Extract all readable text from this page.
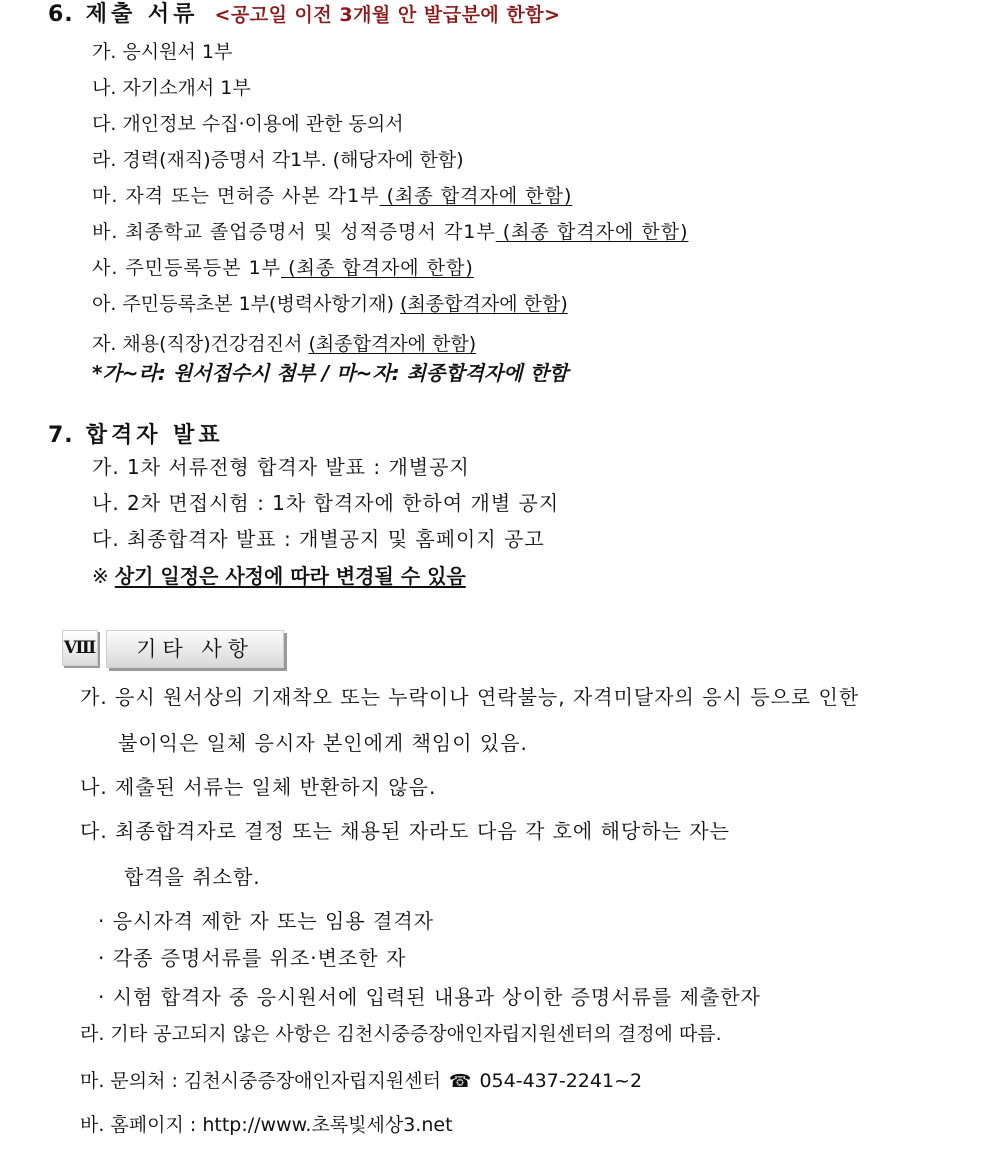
6. 제출 서류 <공고일 이전 3개월 안 발급분에 한함>
가. 응시원서 1부
나. 자기소개서 1부
다. 개인정보 수집·이용에 관한 동의서
라. 경력(재직)증명서 각1부. (해당자에 한함)
마. 자격 또는 면허증 사본 각1부 (최종 합격자에 한함)
바. 최종학교 졸업증명서 및 성적증명서 각1부 (최종 합격자에 한함)
사. 주민등록등본 1부 (최종 합격자에 한함)
아. 주민등록초본 1부(병력사항기재) (최종합격자에 한함)
자. 채용(직장)건강검진서 (최종합격자에 한함)
*가~라: 원서접수시 첨부 / 마~자: 최종합격자에 한함
7. 합격자 발표
가. 1차 서류전형 합격자 발표 : 개별공지
나. 2차 면접시험 : 1차 합격자에 한하여 개별 공지
다. 최종합격자 발표 : 개별공지 및 홈페이지 공고
※ 상기 일정은 사정에 따라 변경될 수 있음
Ⅷ	기타 사항
가. 응시 원서상의 기재착오 또는 누락이나 연락불능, 자격미달자의 응시 등으로 인한
불이익은 일체 응시자 본인에게 책임이 있음.
나. 제출된 서류는 일체 반환하지 않음.
다. 최종합격자로 결정 또는 채용된 자라도 다음 각 호에 해당하는 자는
합격을 취소함.
· 응시자격 제한 자 또는 임용 결격자
· 각종 증명서류를 위조·변조한 자
· 시험 합격자 중 응시원서에 입력된 내용과 상이한 증명서류를 제출한자
라. 기타 공고되지 않은 사항은 김천시중증장애인자립지원센터의 결정에 따름.
마. 문의처 : 김천시중증장애인자립지원센터 ☎ 054-437-2241~2
바. 홈페이지 : http://www.초록빛세상3.net
